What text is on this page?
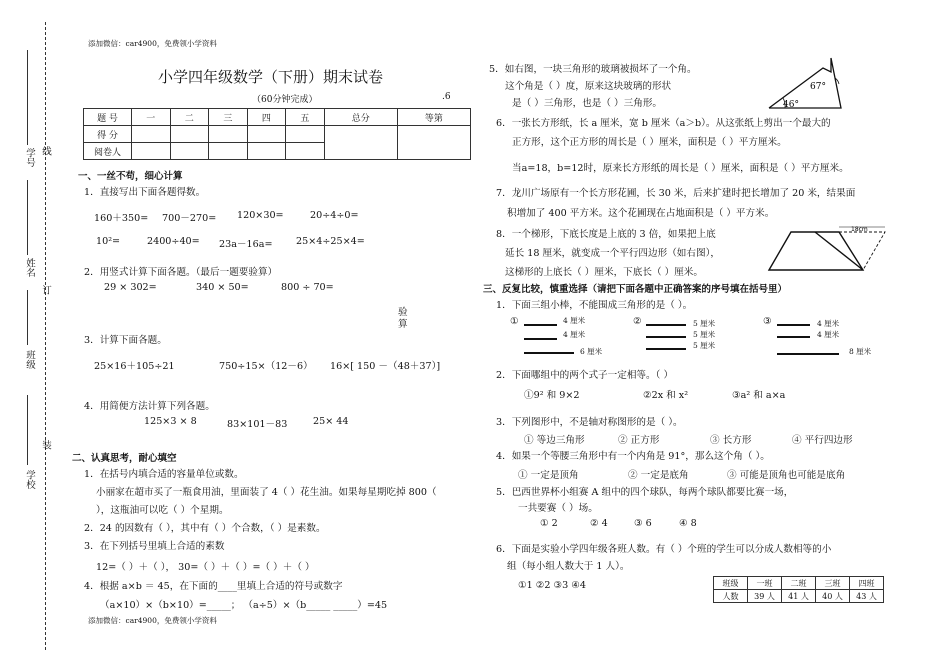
添加微信：car4900，免费领小学资料
添加微信：car4900，免费领小学资料
学号 线
姓名
订
班级
装
学校
小学四年级数学（下册）期末试卷
（60分钟完成）	.6
题 号	一	二	三	四	五	总分	等第
得 分							
阅卷人							
一、一丝不苟，细心计算
1．直接写出下面各题得数。
160＋350= 700－270= 120×30=	20÷4÷0=
10²=	2400÷40= 23a－16a= 25×4÷25×4=
2．用竖式计算下面各题。（最后一题要验算）
29 × 302=	340 × 50=	800 ÷ 70=
验
算
3．计算下面各题。
25×16＋105÷21	750÷15×（12－6） 16×[ 150 －（48＋37）]
4．用简便方法计算下列各题。
125×3 × 8	83×101－83	25× 44
二、认真思考，耐心填空
1．在括号内填合适的容量单位或数。
小丽家在超市买了一瓶食用油，里面装了 4（ ）花生油。如果每星期吃掉 800（
），这瓶油可以吃（ ）个星期。
2．24 的因数有（ ），其中有（ ）个合数，（ ）是素数。
3．在下列括号里填上合适的素数
12=（ ）＋（ ）， 30=（ ）＋（ ）=（ ）＋（ ）
4．根据 a×b ＝ 45，在下面的____里填上合适的符号或数字
（a×10）×（b×10）=_____； （a÷5）×（b_____ _____）=45
5．如右图，一块三角形的玻璃被损坏了一个角。
这个角是（ ）度，原来这块玻璃的形状
是（ ）三角形，也是（ ）三角形。
67°
46°
6．一张长方形纸，长 a 厘米，宽 b 厘米（a＞b）。从这张纸上剪出一个最大的
正方形，这个正方形的周长是（ ）厘米，面积是（ ）平方厘米。
当a=18，b=12时，原来长方形纸的周长是（ ）厘米，面积是（ ）平方厘米。
7．龙川广场原有一个长方形花圃，长 30 米，后来扩建时把长增加了 20 米，结果面
积增加了 400 平方米。这个花圃现在占地面积是（ ）平方米。
8．一个梯形，下底长度是上底的 3 倍，如果把上底
延长 18 厘米，就变成一个平行四边形（如右图），
这梯形的上底长（ ）厘米，下底长（ ）厘米。
18cm
三、反复比较，慎重选择（请把下面各题中正确答案的序号填在括号里）
1．下面三组小棒，不能围成三角形的是（ ）。
①	4 厘米
4 厘米
6 厘米
②	5 厘米
5 厘米
5 厘米
③	4 厘米
4 厘米
8 厘米
2．下面哪组中的两个式子一定相等。（ ）
①9² 和 9×2	②2x 和 x²	③a² 和 a×a
3．下列图形中，不是轴对称图形的是（ ）。
① 等边三角形	② 正方形	③ 长方形	④ 平行四边形
4．如果一个等腰三角形中有一个内角是 91°，那么这个角（ ）。
① 一定是顶角	② 一定是底角	③ 可能是顶角也可能是底角
5．巴西世界杯小组赛 A 组中的四个球队，每两个球队都要比赛一场，
一共要赛（ ）场。
① 2	② 4	③ 6	④ 8
6．下面是实验小学四年级各班人数。有（ ）个班的学生可以分成人数相等的小
组（每小组人数大于 1 人）。
①1 ②2 ③3 ④4	班级	一班	二班	三班	四班
人数	39 人	41 人	40 人	43 人
